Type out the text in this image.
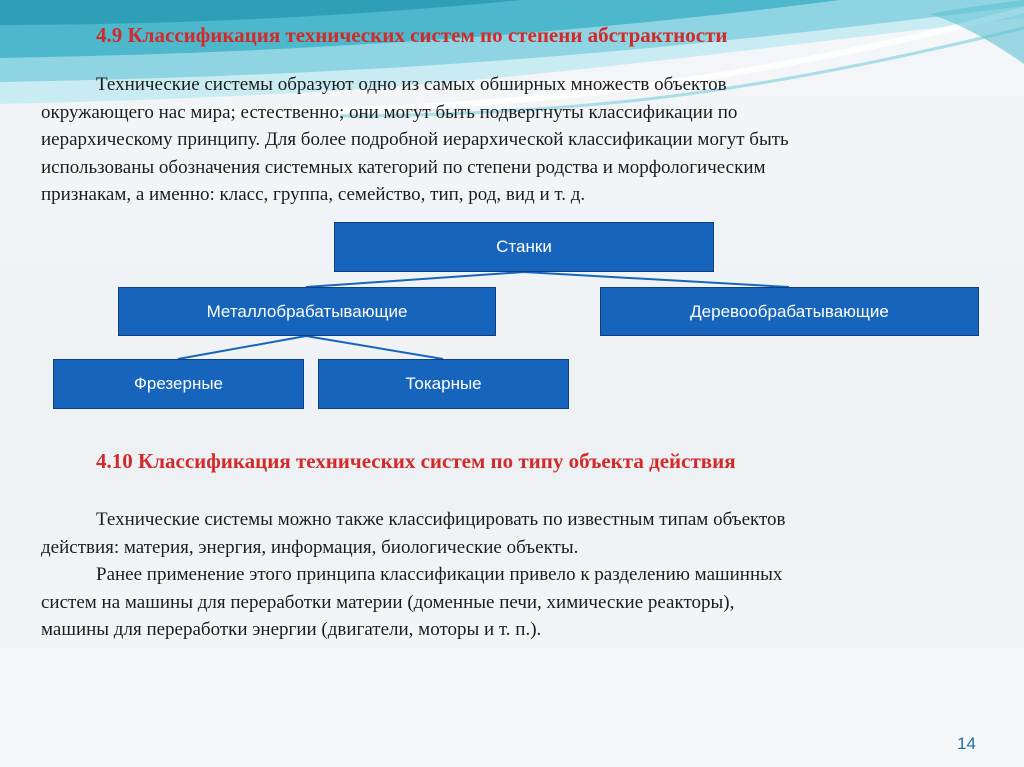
4.9 Классификация технических систем по степени абстрактности

Технические системы образуют одно из самых обширных множеств объектов

окружающего нас мира; естественно; они могут быть подвергнуты классификации по

иерархическому принципу. Для более подробной иерархической классификации могут быть

использованы обозначения системных категорий по степени родства и морфологическим

признакам, а именно: класс, группа, семейство, тип, род, вид и т. д.

Станки
Металлобрабатывающие	Деревообрабатывающие
Фрезерные	Токарные
4.10 Классификация технических систем по типу объекта действия

Технические системы можно также классифицировать по известным типам объектов

действия: материя, энергия, информация, биологические объекты.

Ранее применение этого принципа классификации привело к разделению машинных

систем на машины для переработки материи (доменные печи, химические реакторы),

машины для переработки энергии (двигатели, моторы и т. п.).

14
